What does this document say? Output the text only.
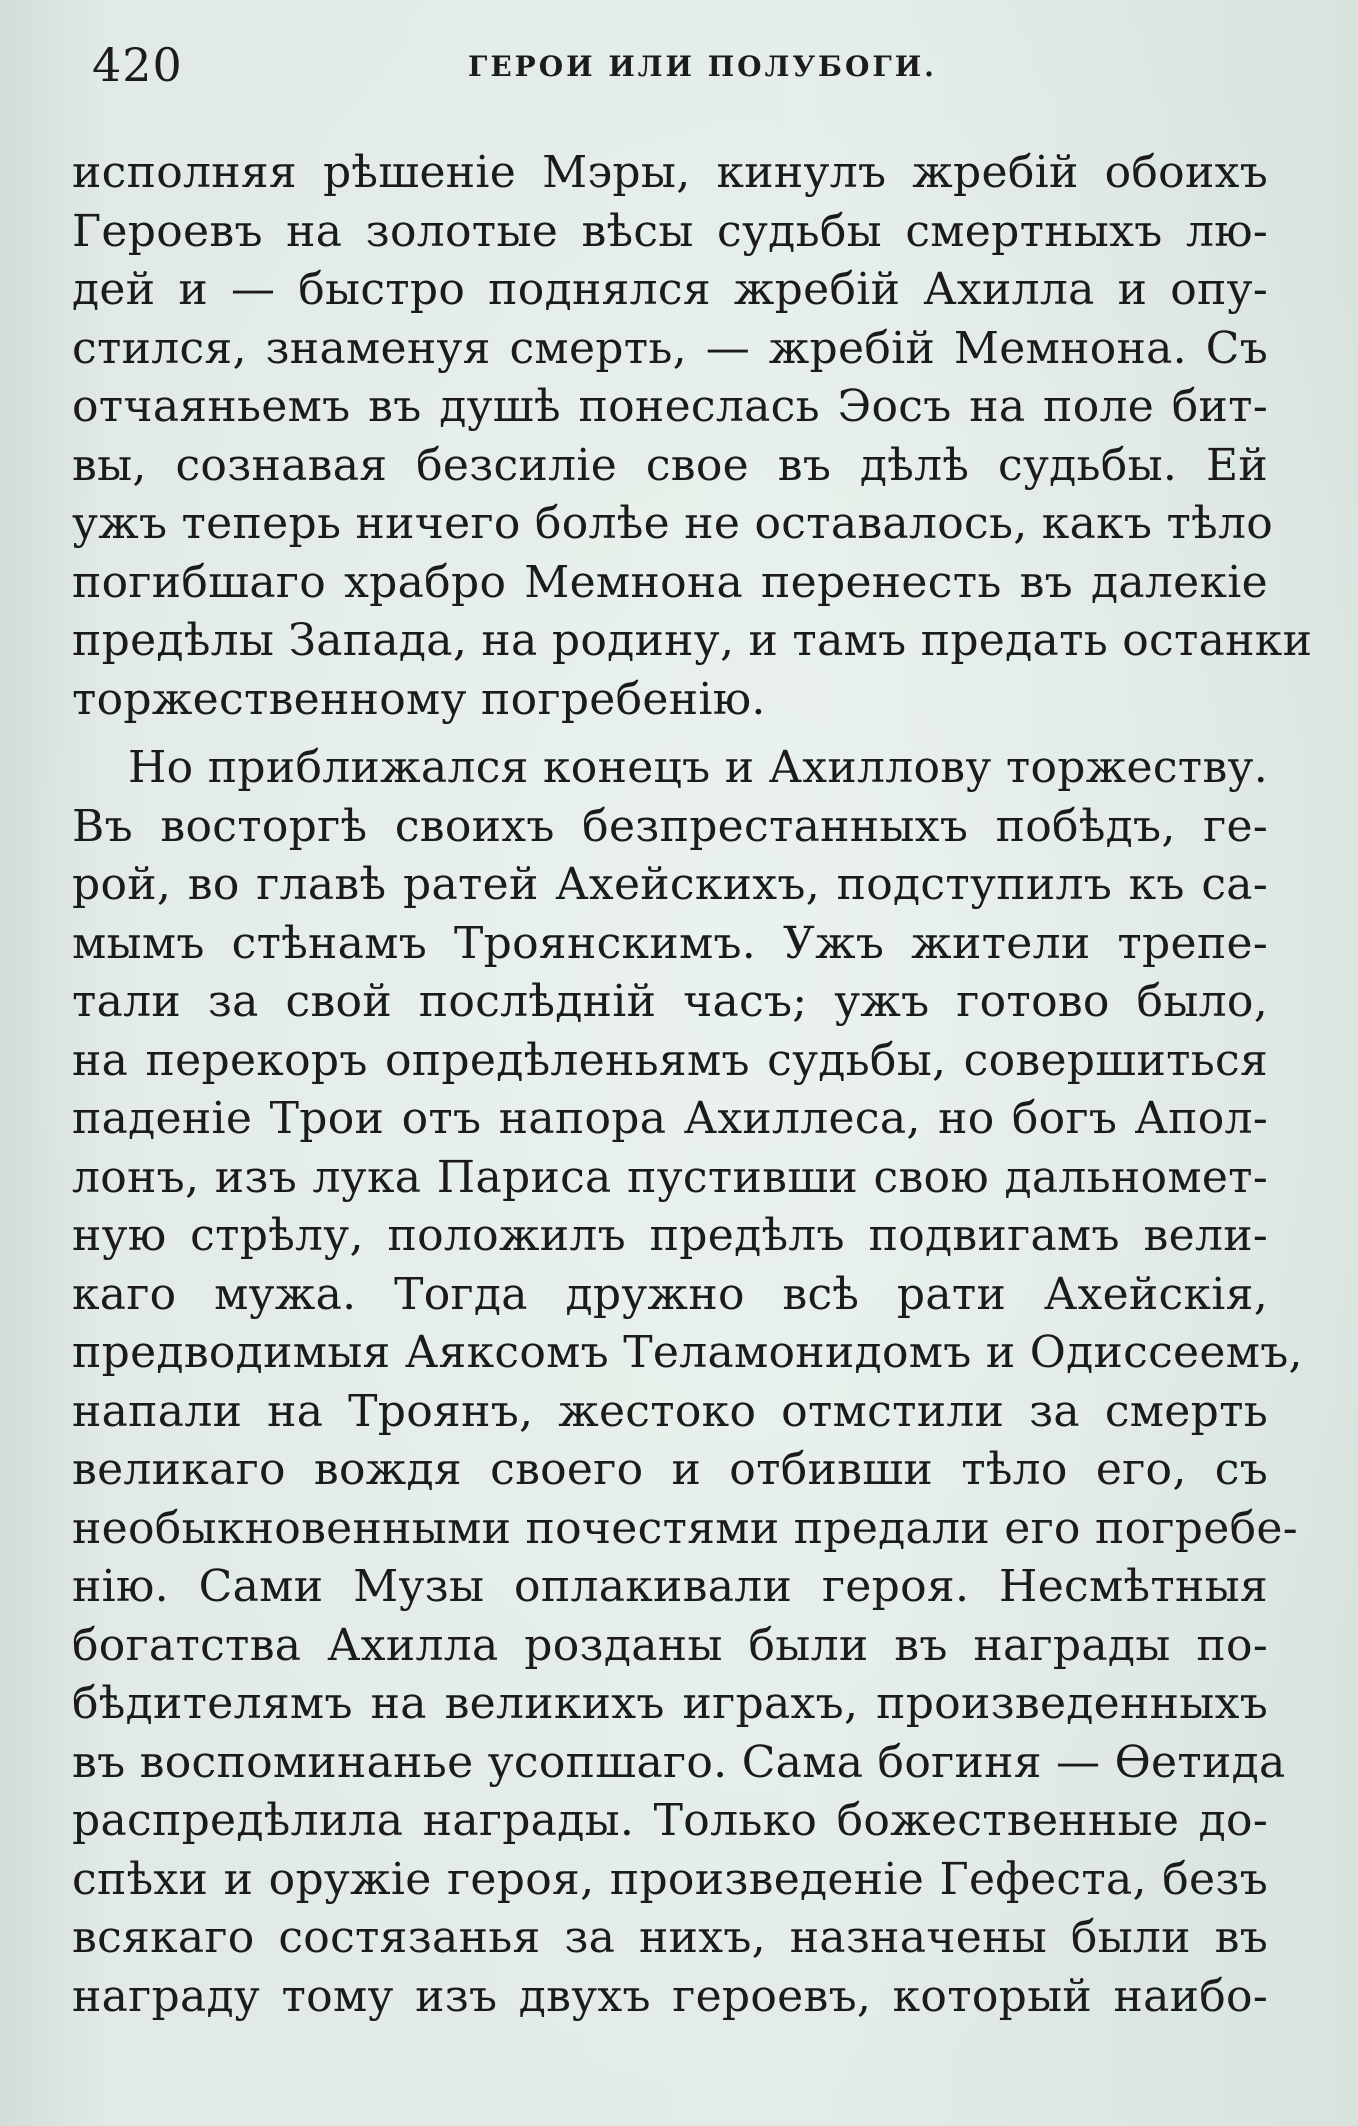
420	ГЕРОИ ИЛИ ПОЛУБОГИ.
исполняя рѣшеніе Мэры, кинулъ жребій обоихъ
Героевъ на золотые вѣсы судьбы смертныхъ лю-
дей и — быстро поднялся жребій Ахилла и опу-
стился, знаменуя смерть, — жребій Мемнона. Съ
отчаяньемъ въ душѣ понеслась Эосъ на поле бит-
вы, сознавая безсиліе свое въ дѣлѣ судьбы. Ей
ужъ теперь ничего болѣе не оставалось, какъ тѣло
погибшаго храбро Мемнона перенесть въ далекіе
предѣлы Запада, на родину, и тамъ предать останки
торжественному погребенію.
Но приближался конецъ и Ахиллову торжеству.
Въ восторгѣ своихъ безпрестанныхъ побѣдъ, ге-
рой, во главѣ ратей Ахейскихъ, подступилъ къ са-
мымъ стѣнамъ Троянскимъ. Ужъ жители трепе-
тали за свой послѣдній часъ; ужъ готово было,
на перекоръ опредѣленьямъ судьбы, совершиться
паденіе Трои отъ напора Ахиллеса, но богъ Апол-
лонъ, изъ лука Париса пустивши свою дальномет-
ную стрѣлу, положилъ предѣлъ подвигамъ вели-
каго мужа. Тогда дружно всѣ рати Ахейскія,
предводимыя Аяксомъ Теламонидомъ и Одиссеемъ,
напали на Троянъ, жестоко отмстили за смерть
великаго вождя своего и отбивши тѣло его, съ
необыкновенными почестями предали его погребе-
нію. Сами Музы оплакивали героя. Несмѣтныя
богатства Ахилла розданы были въ награды по-
бѣдителямъ на великихъ играхъ, произведенныхъ
въ воспоминанье усопшаго. Сама богиня — Ѳетида
распредѣлила награды. Только божественные до-
спѣхи и оружіе героя, произведеніе Гефеста, безъ
всякаго состязанья за нихъ, назначены были въ
награду тому изъ двухъ героевъ, который наибо-
